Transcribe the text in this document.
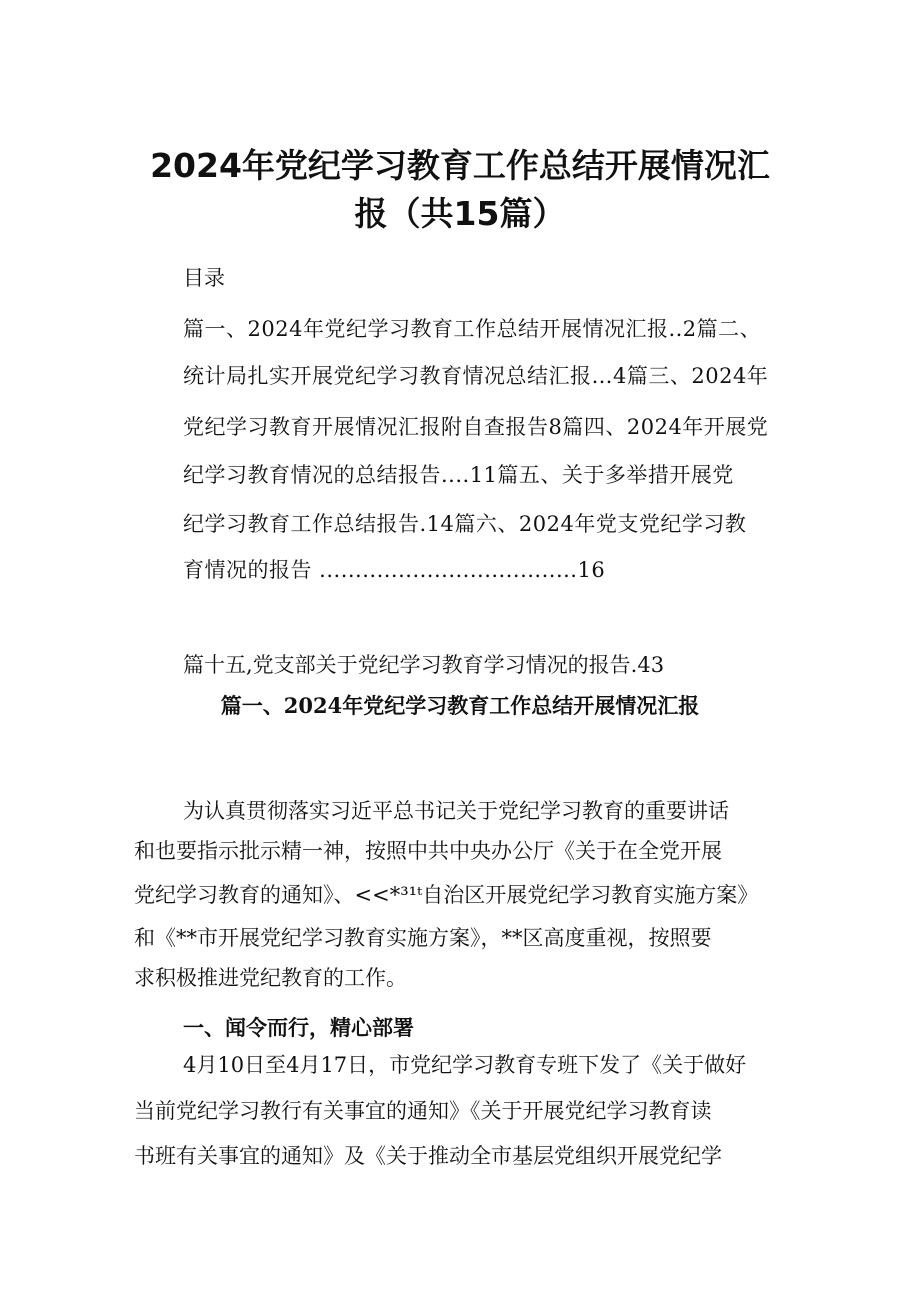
2024年党纪学习教育工作总结开展情况汇
报（共15篇）
目录
篇一、2024年党纪学习教育工作总结开展情况汇报..2篇二、
统计局扎实开展党纪学习教育情况总结汇报…4篇三、2024年
党纪学习教育开展情况汇报附自查报告8篇四、2024年开展党
纪学习教育情况的总结报告....11篇五、关于多举措开展党
纪学习教育工作总结报告.14篇六、2024年党支党纪学习教
育情况的报告 ....................................16
篇十五,党支部关于党纪学习教育学习情况的报告.43
篇一、2024年党纪学习教育工作总结开展情况汇报
为认真贯彻落实习近平总书记关于党纪学习教育的重要讲话
和也要指示批示精一神，按照中共中央办公厅《关于在全党开展
党纪学习教育的通知》、<<*³¹ᵗ自治区开展党纪学习教育实施方案》
和《**市开展党纪学习教育实施方案》，**区高度重视，按照要
求积极推进党纪教育的工作。
一、闻令而行，精心部署
4月10日至4月17日，市党纪学习教育专班下发了《关于做好
当前党纪学习教行有关事宜的通知》《关于开展党纪学习教育读
书班有关事宜的通知》及《关于推动全市基层党组织开展党纪学
